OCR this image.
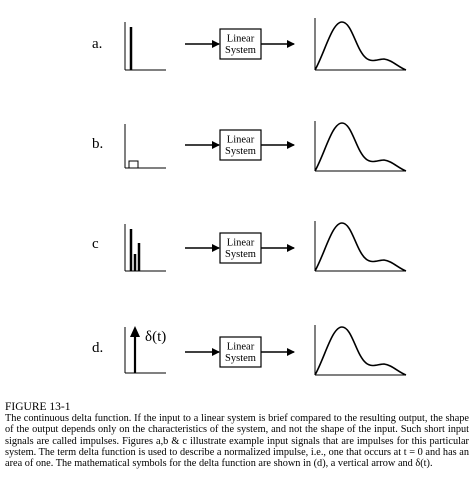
a.	Linear
System
b.	Linear
System
c	Linear
System
d.
δ(t)
Linear
System
FIGURE 13-1

The continuous delta function. If the input to a linear system is brief compared to the resulting output, the shape of the output depends only on the characteristics of the system, and not the shape of the input. Such short input signals are called impulses. Figures a,b & c illustrate example input signals that are impulses for this particular system. The term delta function is used to describe a normalized impulse, i.e., one that occurs at t = 0 and has an area of one. The mathematical symbols for the delta function are shown in (d), a vertical arrow and δ(t).
